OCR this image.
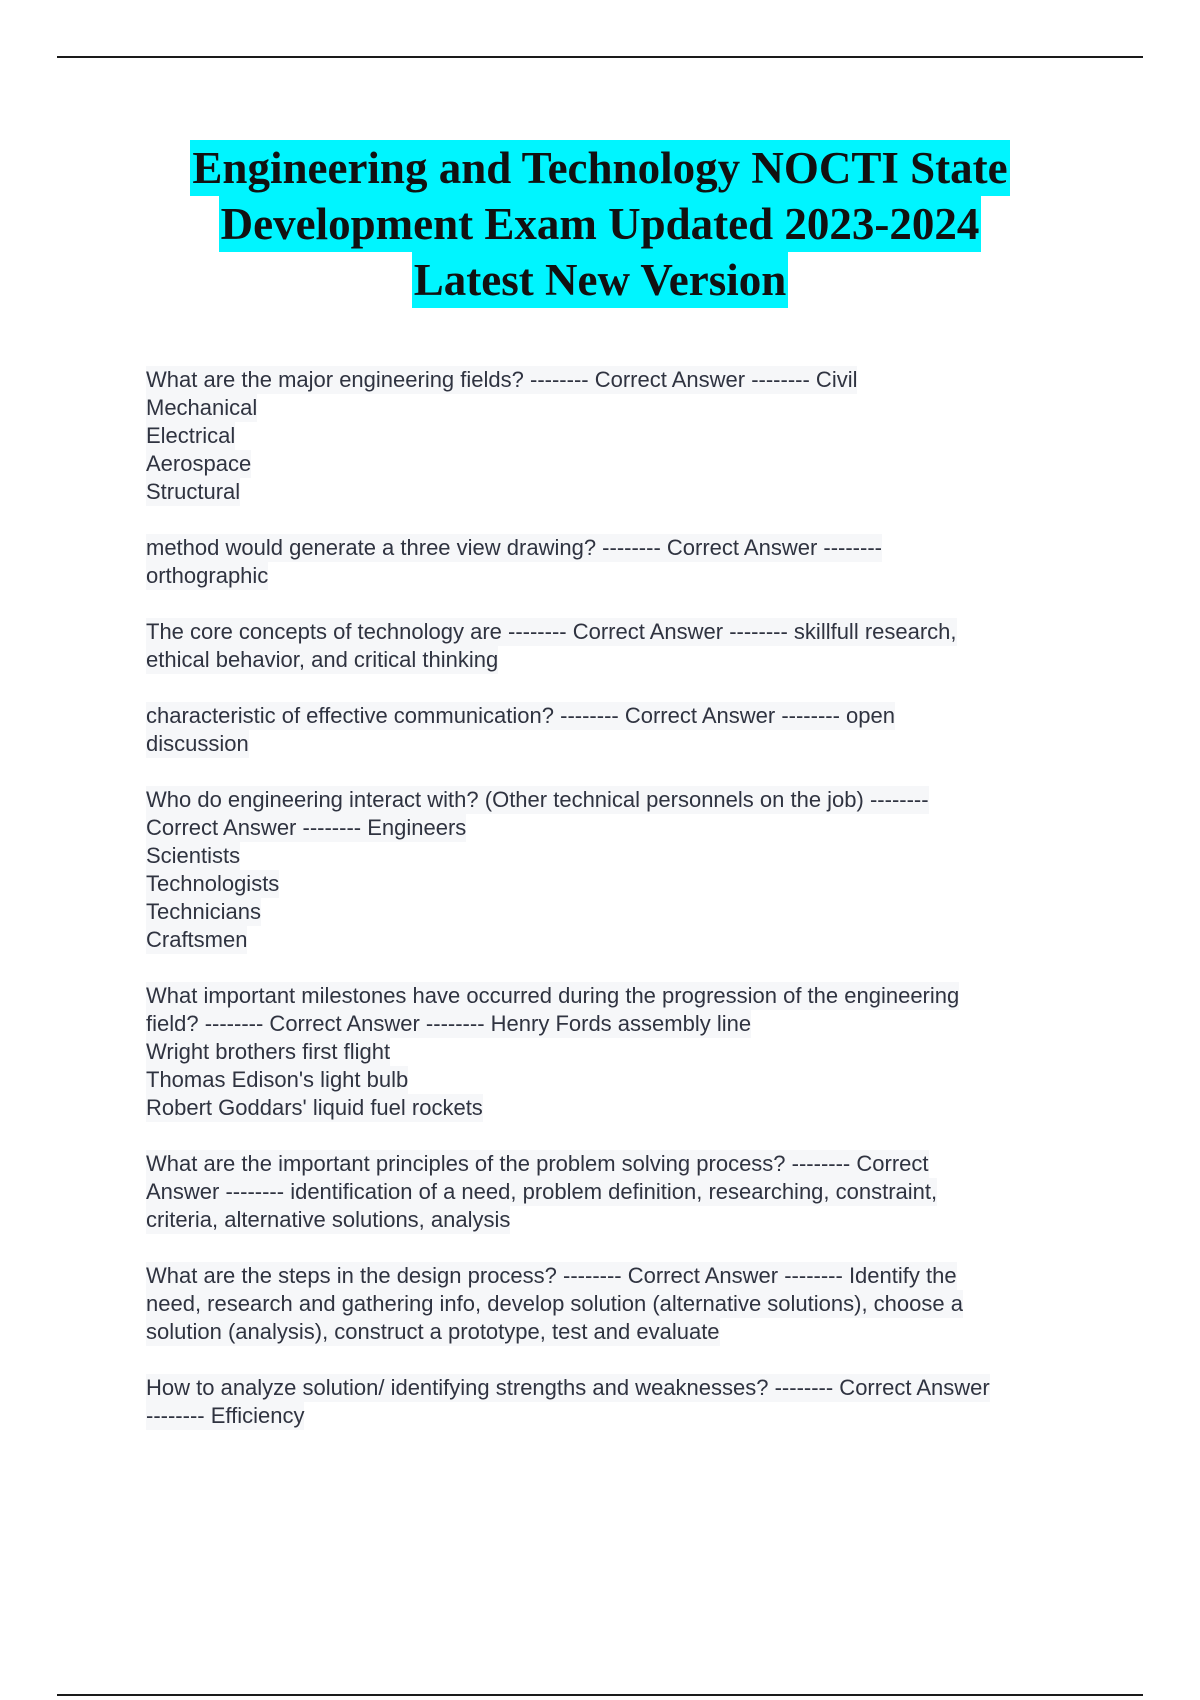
Engineering and Technology NOCTI State
Development Exam Updated 2023-2024
Latest New Version
What are the major engineering fields? -------- Correct Answer -------- Civil
Mechanical
Electrical
Aerospace
Structural
method would generate a three view drawing? -------- Correct Answer --------
orthographic
The core concepts of technology are -------- Correct Answer -------- skillfull research,
ethical behavior, and critical thinking
characteristic of effective communication? -------- Correct Answer -------- open
discussion
Who do engineering interact with? (Other technical personnels on the job) --------
Correct Answer -------- Engineers
Scientists
Technologists
Technicians
Craftsmen
What important milestones have occurred during the progression of the engineering
field? -------- Correct Answer -------- Henry Fords assembly line
Wright brothers first flight
Thomas Edison's light bulb
Robert Goddars' liquid fuel rockets
What are the important principles of the problem solving process? -------- Correct
Answer -------- identification of a need, problem definition, researching, constraint,
criteria, alternative solutions, analysis
What are the steps in the design process? -------- Correct Answer -------- Identify the
need, research and gathering info, develop solution (alternative solutions), choose a
solution (analysis), construct a prototype, test and evaluate
How to analyze solution/ identifying strengths and weaknesses? -------- Correct Answer
-------- Efficiency
